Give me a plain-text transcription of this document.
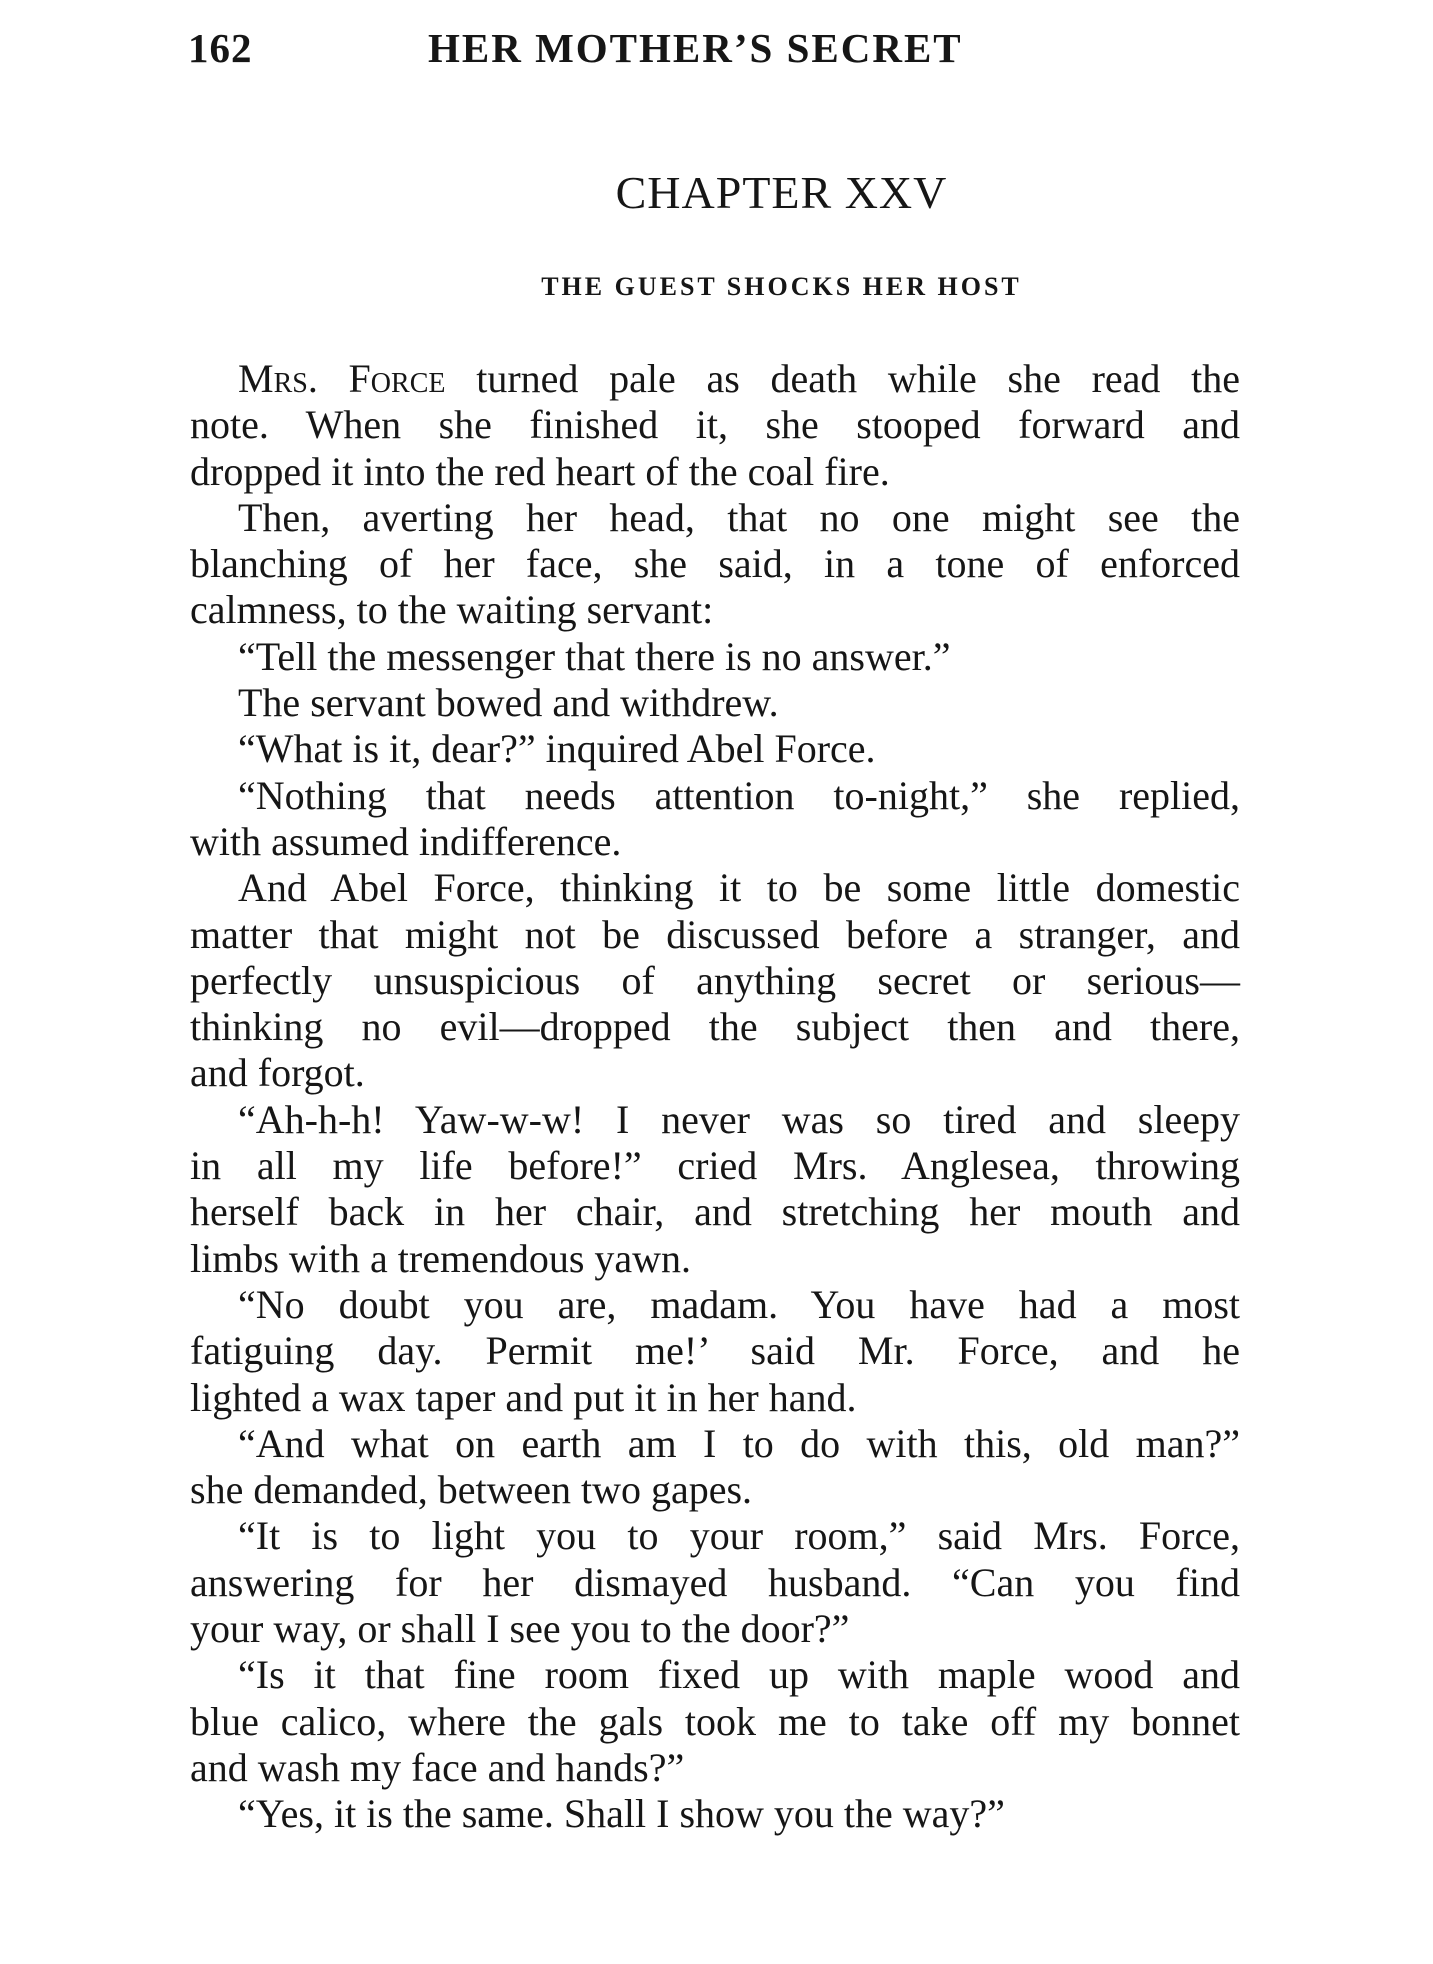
162	HER MOTHER’S SECRET
CHAPTER XXV
THE GUEST SHOCKS HER HOST
Mrs. Force turned pale as death while she read the
note. When she finished it, she stooped forward and
dropped it into the red heart of the coal fire.
Then, averting her head, that no one might see the
blanching of her face, she said, in a tone of enforced
calmness, to the waiting servant:
“Tell the messenger that there is no answer.”
The servant bowed and withdrew.
“What is it, dear?” inquired Abel Force.
“Nothing that needs attention to-night,” she replied,
with assumed indifference.
And Abel Force, thinking it to be some little domestic
matter that might not be discussed before a stranger, and
perfectly unsuspicious of anything secret or serious—
thinking no evil—dropped the subject then and there,
and forgot.
“Ah-h-h! Yaw-w-w! I never was so tired and sleepy
in all my life before!” cried Mrs. Anglesea, throwing
herself back in her chair, and stretching her mouth and
limbs with a tremendous yawn.
“No doubt you are, madam. You have had a most
fatiguing day. Permit me!’ said Mr. Force, and he
lighted a wax taper and put it in her hand.
“And what on earth am I to do with this, old man?”
she demanded, between two gapes.
“It is to light you to your room,” said Mrs. Force,
answering for her dismayed husband. “Can you find
your way, or shall I see you to the door?”
“Is it that fine room fixed up with maple wood and
blue calico, where the gals took me to take off my bonnet
and wash my face and hands?”
“Yes, it is the same. Shall I show you the way?”
